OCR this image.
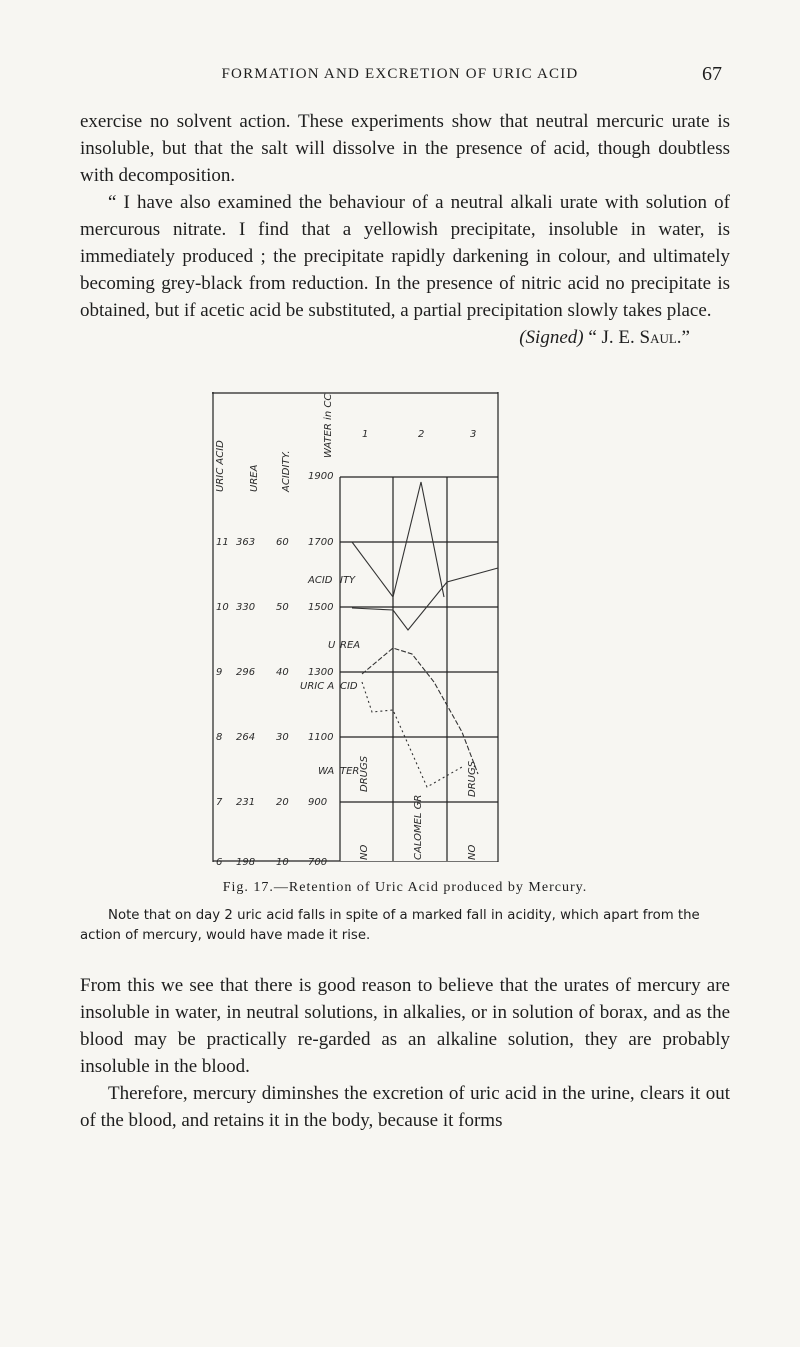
FORMATION AND EXCRETION OF URIC ACID	67

exercise no solvent action. These experiments show that neutral mercuric urate is insoluble, but that the salt will dissolve in the presence of acid, though doubtless with decomposition.

“ I have also examined the behaviour of a neutral alkali urate with solution of mercurous nitrate. I find that a yellowish precipitate, insoluble in water, is immediately produced ; the precipitate rapidly darkening in colour, and ultimately becoming grey-black from reduction. In the presence of nitric acid no precipitate is obtained, but if acetic acid be substituted, a partial precipitation slowly takes place.

(Signed) “ J. E. Saul.”

WATER in CC
ACIDITY.
UREA
URIC ACID
1	2	3
1900
11 363 60 1700
10 330 50 1500
9 296 40 1300
8 264 30 1100
7 231 20 900
6 198 10 700
ACID ITY
U REA
URIC A CID
WA TER
NO
DRUGS
CALOMEL GR	NO
DRUGS
Fig. 17.—Retention of Uric Acid produced by Mercury.
Note that on day 2 uric acid falls in spite of a marked fall in acidity, which apart from the action of mercury, would have made it rise.

From this we see that there is good reason to believe that the urates of mercury are insoluble in water, in neutral solutions, in alkalies, or in solution of borax, and as the blood may be practically re-garded as an alkaline solution, they are probably insoluble in the blood.

Therefore, mercury diminshes the excretion of uric acid in the urine, clears it out of the blood, and retains it in the body, because it forms
